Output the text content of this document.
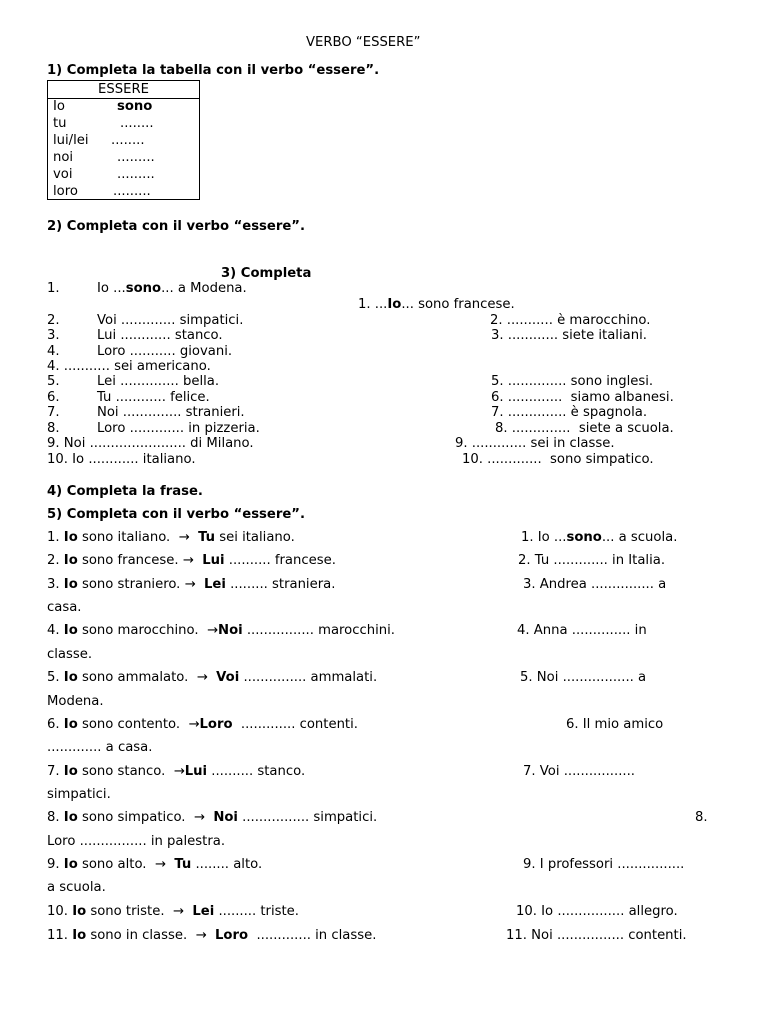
VERBO “ESSERE”
1) Completa la tabella con il verbo “essere”.
ESSERE
Io	sono
tu	........
lui/lei ........
noi	.........
voi	.........
loro	.........
2) Completa con il verbo “essere”.
3) Completa
1.	Io ...sono... a Modena.
2.	Voi ............. simpatici.
3.	Lui ............ stanco.
4.	Loro ........... giovani.
4. ........... sei americano.
5.	Lei .............. bella.
6.	Tu ............ felice.
7.	Noi .............. stranieri.
8.	Loro ............. in pizzeria.
9. Noi ....................... di Milano.
10. Io ............ italiano.
1. ...Io... sono francese.
2. ........... è marocchino.
3. ............ siete italiani.
5. .............. sono inglesi.
6. .............  siamo albanesi.
7. .............. è spagnola.
8. ..............  siete a scuola.
9. ............. sei in classe.
10. .............  sono simpatico.
4) Completa la frase.
5) Completa con il verbo “essere”.
1. Io sono italiano. → Tu sei italiano.
2. Io sono francese. → Lui .......... francese.
3. Io sono straniero. → Lei ......... straniera.
casa.
4. Io sono marocchino. →Noi ................ marocchini.
classe.
5. Io sono ammalato. → Voi ............... ammalati.
Modena.
6. Io sono contento. →Loro ............. contenti.
............. a casa.
7. Io sono stanco. →Lui .......... stanco.
simpatici.
8. Io sono simpatico. → Noi ................ simpatici.
Loro ................ in palestra.
9. Io sono alto. → Tu ........ alto.
a scuola.
10. Io sono triste. → Lei ......... triste.
11. Io sono in classe. → Loro ............. in classe.
1. Io ...sono... a scuola.
2. Tu ............. in Italia.
3. Andrea ............... a
4. Anna .............. in
5. Noi ................. a
6. Il mio amico
7. Voi .................
8.
9. I professori ................
10. Io ................ allegro.
11. Noi ................ contenti.
